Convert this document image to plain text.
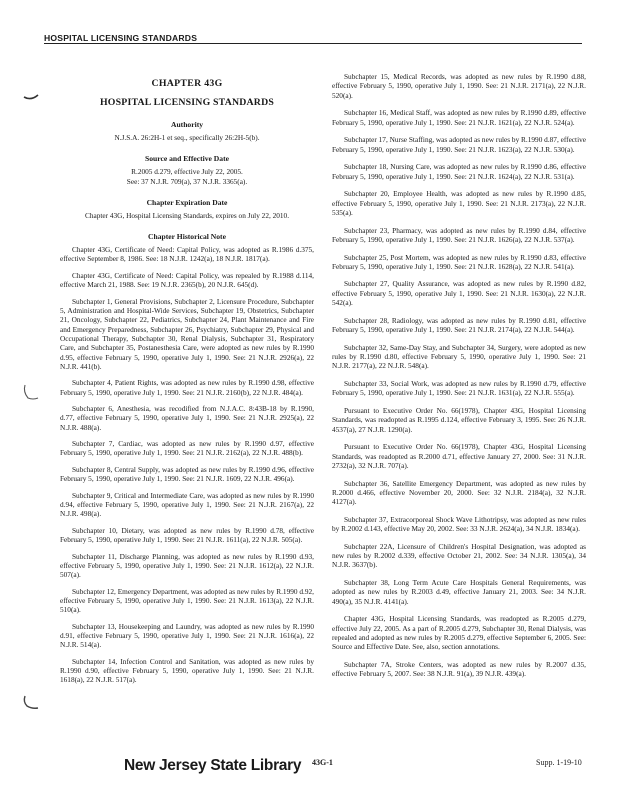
HOSPITAL LICENSING STANDARDS
CHAPTER 43G
HOSPITAL LICENSING STANDARDS
Authority
N.J.S.A. 26:2H-1 et seq., specifically 26:2H-5(b).
Source and Effective Date
R.2005 d.279, effective July 22, 2005.
See: 37 N.J.R. 709(a), 37 N.J.R. 3365(a).
Chapter Expiration Date
Chapter 43G, Hospital Licensing Standards, expires on July 22, 2010.
Chapter Historical Note

Chapter 43G, Certificate of Need: Capital Policy, was adopted as R.1986 d.375, effective September 8, 1986. See: 18 N.J.R. 1242(a), 18 N.J.R. 1817(a).

Chapter 43G, Certificate of Need: Capital Policy, was repealed by R.1988 d.114, effective March 21, 1988. See: 19 N.J.R. 2365(b), 20 N.J.R. 645(d).

Subchapter 1, General Provisions, Subchapter 2, Licensure Procedure, Subchapter 5, Administration and Hospital-Wide Services, Subchapter 19, Obstetrics, Subchapter 21, Oncology, Subchapter 22, Pediatrics, Subchapter 24, Plant Maintenance and Fire and Emergency Preparedness, Subchapter 26, Psychiatry, Subchapter 29, Physical and Occupational Therapy, Subchapter 30, Renal Dialysis, Subchapter 31, Respiratory Care, and Subchapter 35, Postanesthesia Care, were adopted as new rules by R.1990 d.95, effective February 5, 1990, operative July 1, 1990. See: 21 N.J.R. 2926(a), 22 N.J.R. 441(b).

Subchapter 4, Patient Rights, was adopted as new rules by R.1990 d.98, effective February 5, 1990, operative July 1, 1990. See: 21 N.J.R. 2160(b), 22 N.J.R. 484(a).

Subchapter 6, Anesthesia, was recodified from N.J.A.C. 8:43B-18 by R.1990, d.77, effective February 5, 1990, operative July 1, 1990. See: 21 N.J.R. 2925(a), 22 N.J.R. 488(a).

Subchapter 7, Cardiac, was adopted as new rules by R.1990 d.97, effective February 5, 1990, operative July 1, 1990. See: 21 N.J.R. 2162(a), 22 N.J.R. 488(b).

Subchapter 8, Central Supply, was adopted as new rules by R.1990 d.96, effective February 5, 1990, operative July 1, 1990. See: 21 N.J.R. 1609, 22 N.J.R. 496(a).

Subchapter 9, Critical and Intermediate Care, was adopted as new rules by R.1990 d.94, effective February 5, 1990, operative July 1, 1990. See: 21 N.J.R. 2167(a), 22 N.J.R. 498(a).

Subchapter 10, Dietary, was adopted as new rules by R.1990 d.78, effective February 5, 1990, operative July 1, 1990. See: 21 N.J.R. 1611(a), 22 N.J.R. 505(a).

Subchapter 11, Discharge Planning, was adopted as new rules by R.1990 d.93, effective February 5, 1990, operative July 1, 1990. See: 21 N.J.R. 1612(a), 22 N.J.R. 507(a).

Subchapter 12, Emergency Department, was adopted as new rules by R.1990 d.92, effective February 5, 1990, operative July 1, 1990. See: 21 N.J.R. 1613(a), 22 N.J.R. 510(a).

Subchapter 13, Housekeeping and Laundry, was adopted as new rules by R.1990 d.91, effective February 5, 1990, operative July 1, 1990. See: 21 N.J.R. 1616(a), 22 N.J.R. 514(a).

Subchapter 14, Infection Control and Sanitation, was adopted as new rules by R.1990 d.90, effective February 5, 1990, operative July 1, 1990. See: 21 N.J.R. 1618(a), 22 N.J.R. 517(a).

Subchapter 15, Medical Records, was adopted as new rules by R.1990 d.88, effective February 5, 1990, operative July 1, 1990. See: 21 N.J.R. 2171(a), 22 N.J.R. 520(a).

Subchapter 16, Medical Staff, was adopted as new rules by R.1990 d.89, effective February 5, 1990, operative July 1, 1990. See: 21 N.J.R. 1621(a), 22 N.J.R. 524(a).

Subchapter 17, Nurse Staffing, was adopted as new rules by R.1990 d.87, effective February 5, 1990, operative July 1, 1990. See: 21 N.J.R. 1623(a), 22 N.J.R. 530(a).

Subchapter 18, Nursing Care, was adopted as new rules by R.1990 d.86, effective February 5, 1990, operative July 1, 1990. See: 21 N.J.R. 1624(a), 22 N.J.R. 531(a).

Subchapter 20, Employee Health, was adopted as new rules by R.1990 d.85, effective February 5, 1990, operative July 1, 1990. See: 21 N.J.R. 2173(a), 22 N.J.R. 535(a).

Subchapter 23, Pharmacy, was adopted as new rules by R.1990 d.84, effective February 5, 1990, operative July 1, 1990. See: 21 N.J.R. 1626(a), 22 N.J.R. 537(a).

Subchapter 25, Post Mortem, was adopted as new rules by R.1990 d.83, effective February 5, 1990, operative July 1, 1990. See: 21 N.J.R. 1628(a), 22 N.J.R. 541(a).

Subchapter 27, Quality Assurance, was adopted as new rules by R.1990 d.82, effective February 5, 1990, operative July 1, 1990. See: 21 N.J.R. 1630(a), 22 N.J.R. 542(a).

Subchapter 28, Radiology, was adopted as new rules by R.1990 d.81, effective February 5, 1990, operative July 1, 1990. See: 21 N.J.R. 2174(a), 22 N.J.R. 544(a).

Subchapter 32, Same-Day Stay, and Subchapter 34, Surgery, were adopted as new rules by R.1990 d.80, effective February 5, 1990, operative July 1, 1990. See: 21 N.J.R. 2177(a), 22 N.J.R. 548(a).

Subchapter 33, Social Work, was adopted as new rules by R.1990 d.79, effective February 5, 1990, operative July 1, 1990. See: 21 N.J.R. 1631(a), 22 N.J.R. 555(a).

Pursuant to Executive Order No. 66(1978), Chapter 43G, Hospital Licensing Standards, was readopted as R.1995 d.124, effective February 3, 1995. See: 26 N.J.R. 4537(a), 27 N.J.R. 1290(a).

Pursuant to Executive Order No. 66(1978), Chapter 43G, Hospital Licensing Standards, was readopted as R.2000 d.71, effective January 27, 2000. See: 31 N.J.R. 2732(a), 32 N.J.R. 707(a).

Subchapter 36, Satellite Emergency Department, was adopted as new rules by R.2000 d.466, effective November 20, 2000. See: 32 N.J.R. 2184(a), 32 N.J.R. 4127(a).

Subchapter 37, Extracorporeal Shock Wave Lithotripsy, was adopted as new rules by R.2002 d.143, effective May 20, 2002. See: 33 N.J.R. 2624(a), 34 N.J.R. 1834(a).

Subchapter 22A, Licensure of Children's Hospital Designation, was adopted as new rules by R.2002 d.339, effective October 21, 2002. See: 34 N.J.R. 1305(a), 34 N.J.R. 3637(b).

Subchapter 38, Long Term Acute Care Hospitals General Requirements, was adopted as new rules by R.2003 d.49, effective January 21, 2003. See: 34 N.J.R. 490(a), 35 N.J.R. 4141(a).

Chapter 43G, Hospital Licensing Standards, was readopted as R.2005 d.279, effective July 22, 2005. As a part of R.2005 d.279, Subchapter 30, Renal Dialysis, was repealed and adopted as new rules by R.2005 d.279, effective September 6, 2005. See: Source and Effective Date. See, also, section annotations.

Subchapter 7A, Stroke Centers, was adopted as new rules by R.2007 d.35, effective February 5, 2007. See: 38 N.J.R. 91(a), 39 N.J.R. 439(a).

New Jersey State Library 43G-1	Supp. 1-19-10
